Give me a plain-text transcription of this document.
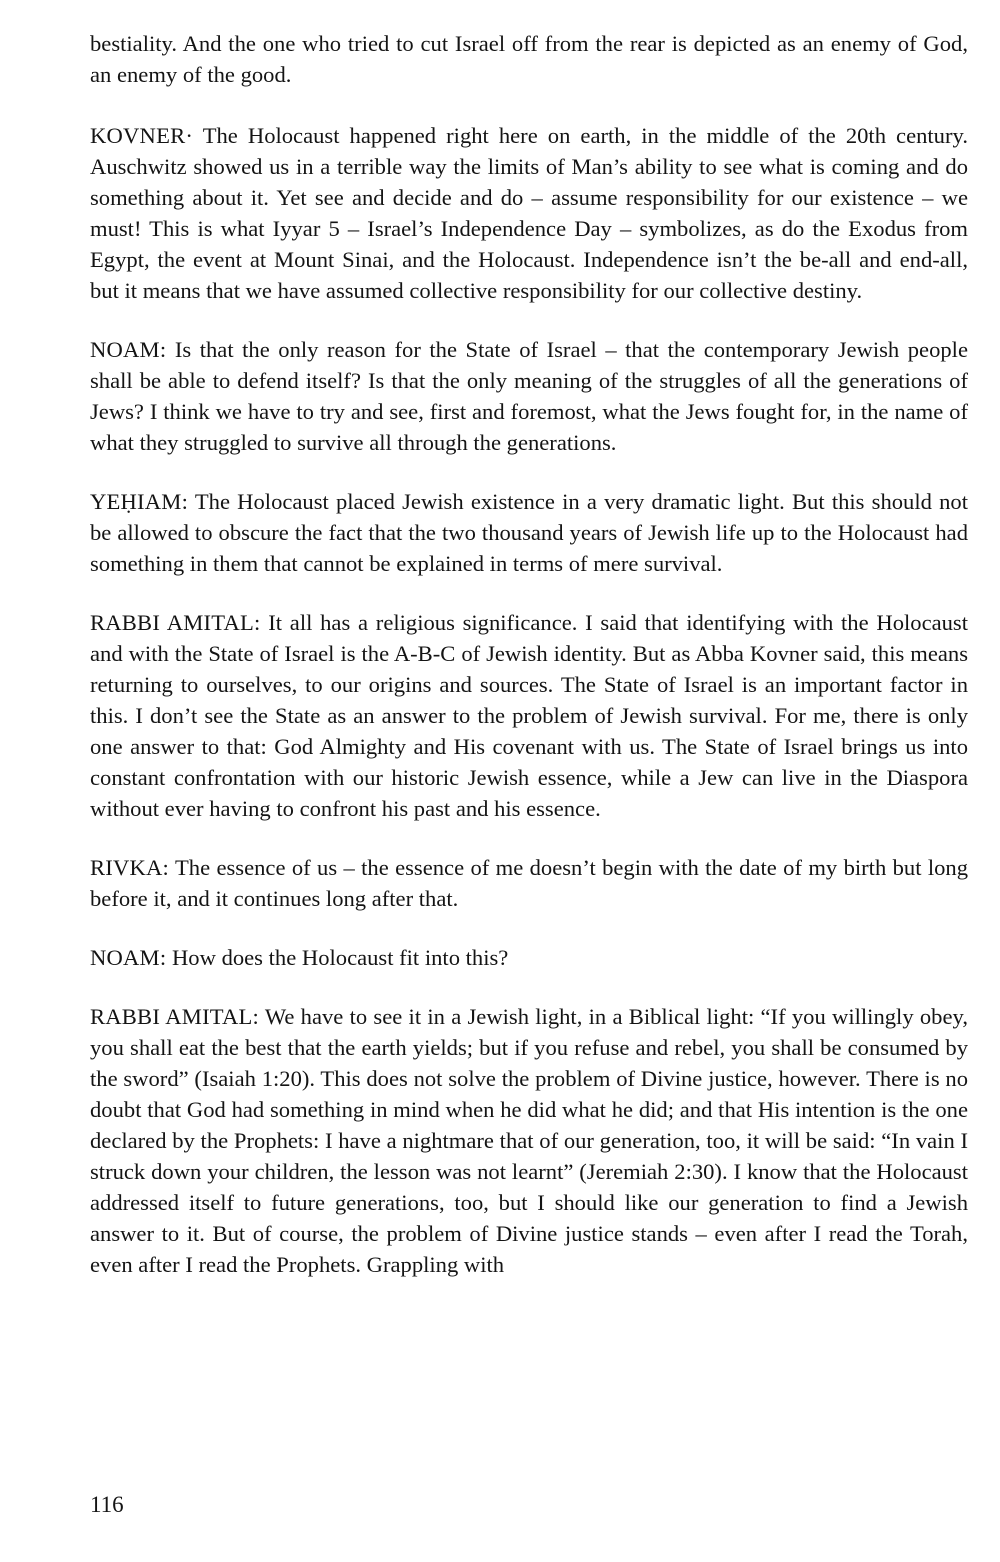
bestiality. And the one who tried to cut Israel off from the rear is depicted as an enemy of God, an enemy of the good.

KOVNER· The Holocaust happened right here on earth, in the middle of the 20th century. Auschwitz showed us in a terrible way the limits of Man’s ability to see what is coming and do something about it. Yet see and decide and do – assume responsibility for our existence – we must! This is what Iyyar 5 – Israel’s Independence Day – symbolizes, as do the Exodus from Egypt, the event at Mount Sinai, and the Holocaust. Independence isn’t the be-all and end-all, but it means that we have assumed collective responsibility for our collective destiny.

NOAM: Is that the only reason for the State of Israel – that the contemporary Jewish people shall be able to defend itself? Is that the only meaning of the struggles of all the generations of Jews? I think we have to try and see, first and foremost, what the Jews fought for, in the name of what they struggled to survive all through the generations.

YEḤIAM: The Holocaust placed Jewish existence in a very dramatic light. But this should not be allowed to obscure the fact that the two thousand years of Jewish life up to the Holocaust had something in them that cannot be explained in terms of mere survival.

RABBI AMITAL: It all has a religious significance. I said that identifying with the Holocaust and with the State of Israel is the A-B-C of Jewish identity. But as Abba Kovner said, this means returning to ourselves, to our origins and sources. The State of Israel is an important factor in this. I don’t see the State as an answer to the problem of Jewish survival. For me, there is only one answer to that: God Almighty and His covenant with us. The State of Israel brings us into constant confrontation with our historic Jewish essence, while a Jew can live in the Diaspora without ever having to confront his past and his essence.

RIVKA: The essence of us – the essence of me doesn’t begin with the date of my birth but long before it, and it continues long after that.

NOAM: How does the Holocaust fit into this?

RABBI AMITAL: We have to see it in a Jewish light, in a Biblical light: “If you willingly obey, you shall eat the best that the earth yields; but if you refuse and rebel, you shall be consumed by the sword” (Isaiah 1:20). This does not solve the problem of Divine justice, however. There is no doubt that God had something in mind when he did what he did; and that His intention is the one declared by the Prophets: I have a nightmare that of our generation, too, it will be said: “In vain I struck down your children, the lesson was not learnt” (Jeremiah 2:30). I know that the Holocaust addressed itself to future generations, too, but I should like our generation to find a Jewish answer to it. But of course, the problem of Divine justice stands – even after I read the Torah, even after I read the Prophets. Grappling with

116
